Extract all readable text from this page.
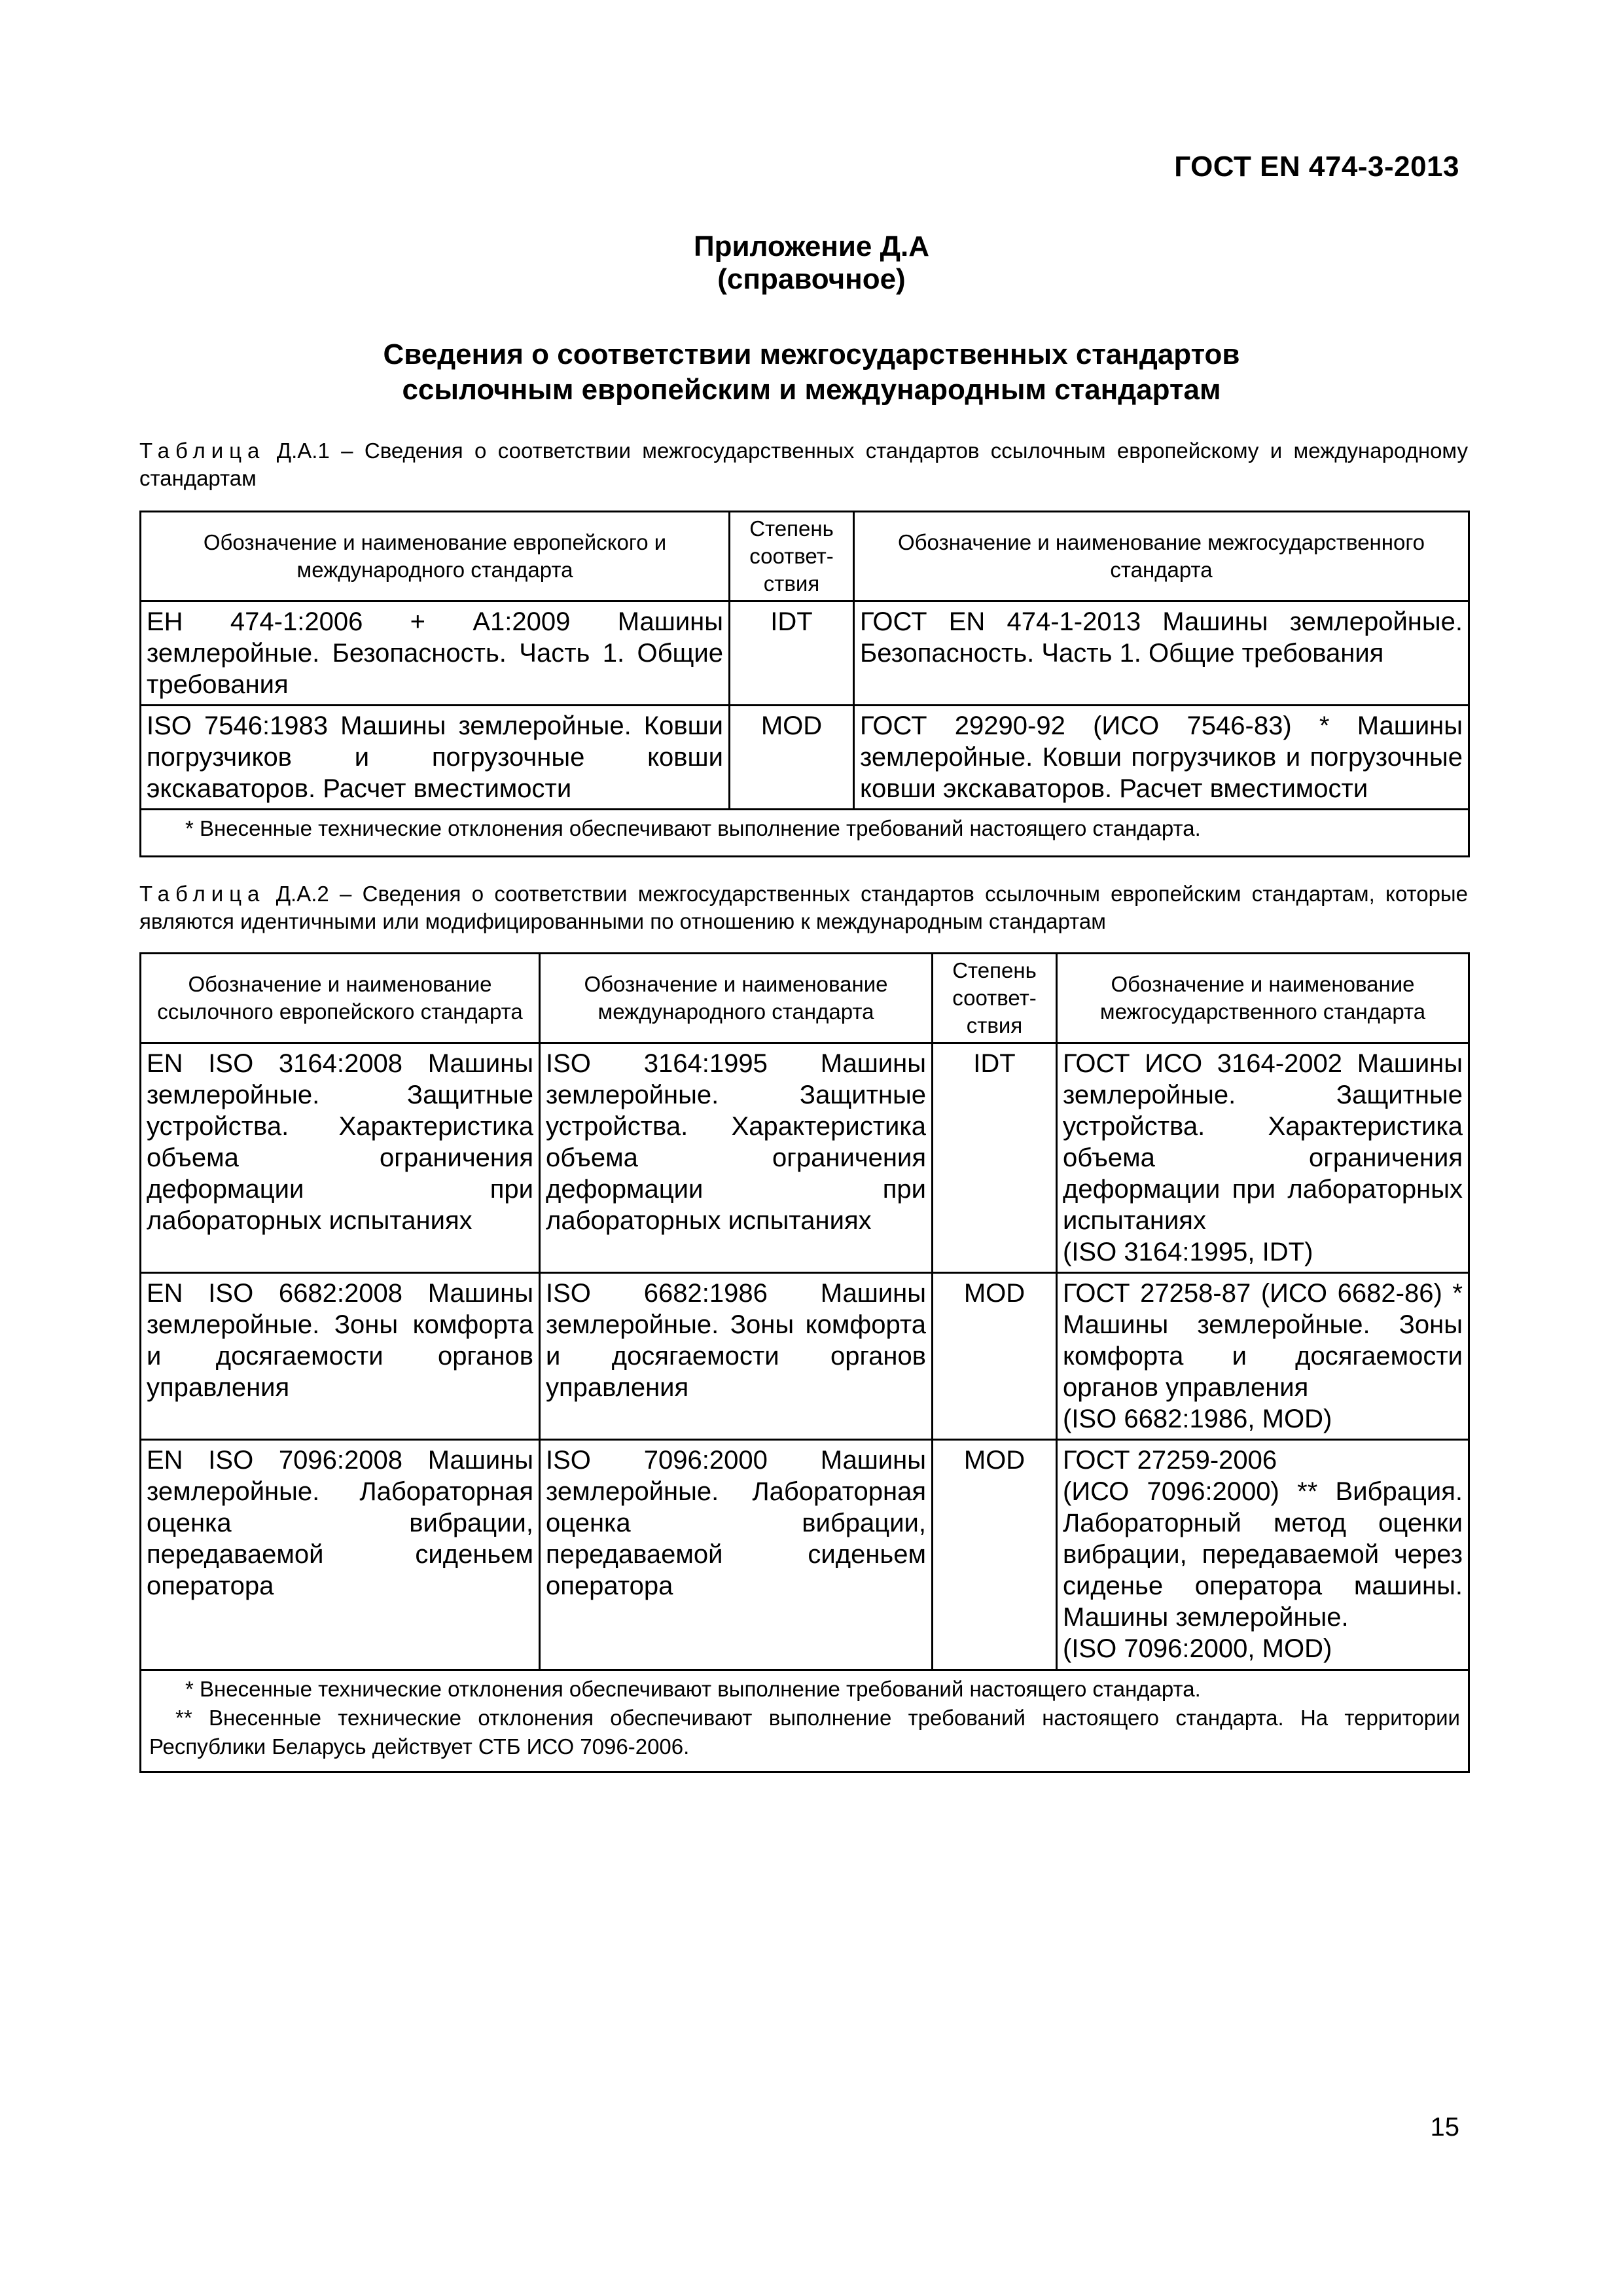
ГОСТ EN 474-3-2013
Приложение Д.А
(справочное)
Сведения о соответствии межгосударственных стандартов
ссылочным европейским и международным стандартам
Таблица Д.А.1 – Сведения о соответствии межгосударственных стандартов ссылочным европейскому и международному стандартам
Обозначение и наименование европейского и международного стандарта	Степень соответ-ствия	Обозначение и наименование межгосударственного стандарта
ЕН 474-1:2006 + A1:2009 Машины землеройные. Безопасность. Часть 1. Общие требования	IDT	ГОСТ EN 474-1-2013 Машины землеройные. Безопасность. Часть 1. Общие требования
ISO 7546:1983 Машины землеройные. Ковши погрузчиков и погрузочные ковши экскаваторов. Расчет вместимости	MOD	ГОСТ 29290-92 (ИСО 7546-83) * Машины землеройные. Ковши погрузчиков и погрузочные ковши экскаваторов. Расчет вместимости

* Внесенные технические отклонения обеспечивают выполнение требований настоящего стандарта.		
Таблица Д.А.2 – Сведения о соответствии межгосударственных стандартов ссылочным европейским стандартам, которые являются идентичными или модифицированными по отношению к международным стандартам
Обозначение и наименование ссылочного европейского стандарта	Обозначение и наименование международного стандарта	Степень соответ-ствия	Обозначение и наименование межгосударственного стандарта
EN ISO 3164:2008 Машины землеройные. Защитные устройства. Характеристика объема ограничения деформации при лабораторных испытаниях	ISO 3164:1995 Машины землеройные. Защитные устройства. Характеристика объема ограничения деформации при лабораторных испытаниях	IDT	ГОСТ ИСО 3164-2002 Машины землеройные. Защитные устройства. Характеристика объема ограничения деформации при лабораторных испытаниях
(ISO 3164:1995, IDT)

EN ISO 6682:2008 Машины землеройные. Зоны комфорта и досягаемости органов управления	ISO 6682:1986 Машины землеройные. Зоны комфорта и досягаемости органов управления	MOD	ГОСТ 27258-87 (ИСО 6682-86) * Машины землеройные. Зоны комфорта и досягаемости органов управления
(ISO 6682:1986, MOD)

EN ISO 7096:2008 Машины землеройные. Лабораторная оценка вибрации, передаваемой сиденьем оператора	ISO 7096:2000 Машины землеройные. Лабораторная оценка вибрации, передаваемой сиденьем оператора	MOD	ГОСТ 27259-2006
(ИСО 7096:2000) ** Вибрация. Лабораторный метод оценки вибрации, передаваемой через сиденье оператора машины. Машины землеройные.
(ISO 7096:2000, MOD)

* Внесенные технические отклонения обеспечивают выполнение требований настоящего стандарта.
** Внесенные технические отклонения обеспечивают выполнение требований настоящего стандарта. На территории Республики Беларусь действует СТБ ИСО 7096-2006.			
15
